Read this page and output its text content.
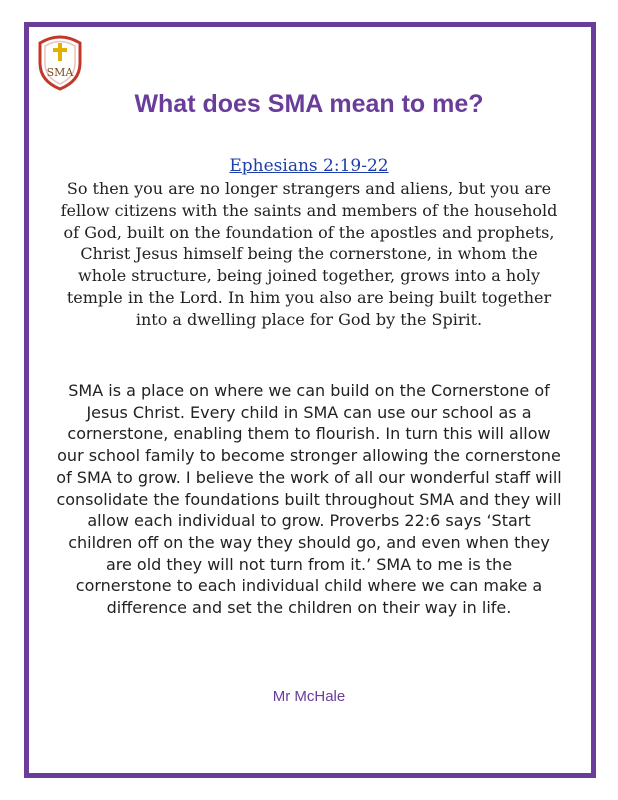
SMA
What does SMA mean to me?
Ephesians 2:19-22
So then you are no longer strangers and aliens, but you are fellow citizens with the saints and members of the household of God, built on the foundation of the apostles and prophets, Christ Jesus himself being the cornerstone, in whom the whole structure, being joined together, grows into a holy temple in the Lord. In him you also are being built together into a dwelling place for God by the Spirit.
SMA is a place on where we can build on the Cornerstone of Jesus Christ. Every child in SMA can use our school as a cornerstone, enabling them to flourish. In turn this will allow our school family to become stronger allowing the cornerstone of SMA to grow. I believe the work of all our wonderful staff will consolidate the foundations built throughout SMA and they will allow each individual to grow. Proverbs 22:6 says ‘Start children off on the way they should go, and even when they are old they will not turn from it.’ SMA to me is the cornerstone to each individual child where we can make a difference and set the children on their way in life.
Mr McHale
